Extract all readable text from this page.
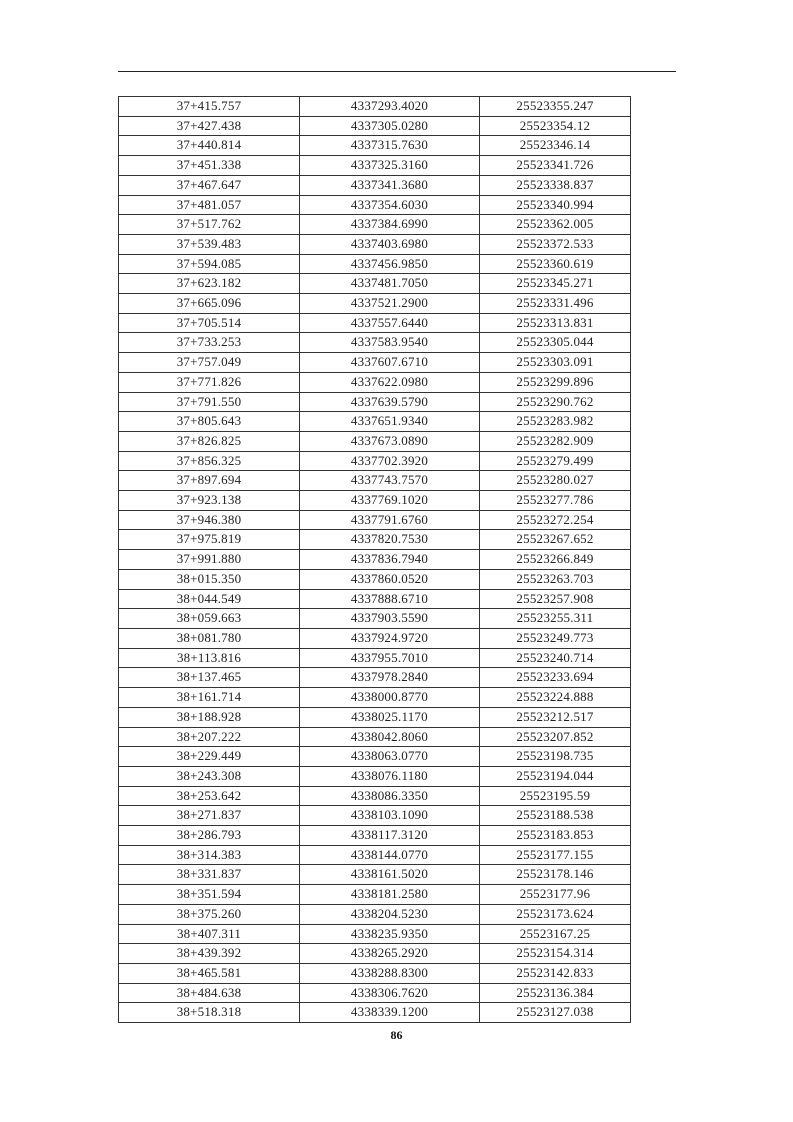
37+415.757	4337293.4020	25523355.247
37+427.438	4337305.0280	25523354.12
37+440.814	4337315.7630	25523346.14
37+451.338	4337325.3160	25523341.726
37+467.647	4337341.3680	25523338.837
37+481.057	4337354.6030	25523340.994
37+517.762	4337384.6990	25523362.005
37+539.483	4337403.6980	25523372.533
37+594.085	4337456.9850	25523360.619
37+623.182	4337481.7050	25523345.271
37+665.096	4337521.2900	25523331.496
37+705.514	4337557.6440	25523313.831
37+733.253	4337583.9540	25523305.044
37+757.049	4337607.6710	25523303.091
37+771.826	4337622.0980	25523299.896
37+791.550	4337639.5790	25523290.762
37+805.643	4337651.9340	25523283.982
37+826.825	4337673.0890	25523282.909
37+856.325	4337702.3920	25523279.499
37+897.694	4337743.7570	25523280.027
37+923.138	4337769.1020	25523277.786
37+946.380	4337791.6760	25523272.254
37+975.819	4337820.7530	25523267.652
37+991.880	4337836.7940	25523266.849
38+015.350	4337860.0520	25523263.703
38+044.549	4337888.6710	25523257.908
38+059.663	4337903.5590	25523255.311
38+081.780	4337924.9720	25523249.773
38+113.816	4337955.7010	25523240.714
38+137.465	4337978.2840	25523233.694
38+161.714	4338000.8770	25523224.888
38+188.928	4338025.1170	25523212.517
38+207.222	4338042.8060	25523207.852
38+229.449	4338063.0770	25523198.735
38+243.308	4338076.1180	25523194.044
38+253.642	4338086.3350	25523195.59
38+271.837	4338103.1090	25523188.538
38+286.793	4338117.3120	25523183.853
38+314.383	4338144.0770	25523177.155
38+331.837	4338161.5020	25523178.146
38+351.594	4338181.2580	25523177.96
38+375.260	4338204.5230	25523173.624
38+407.311	4338235.9350	25523167.25
38+439.392	4338265.2920	25523154.314
38+465.581	4338288.8300	25523142.833
38+484.638	4338306.7620	25523136.384
38+518.318	4338339.1200	25523127.038
86
